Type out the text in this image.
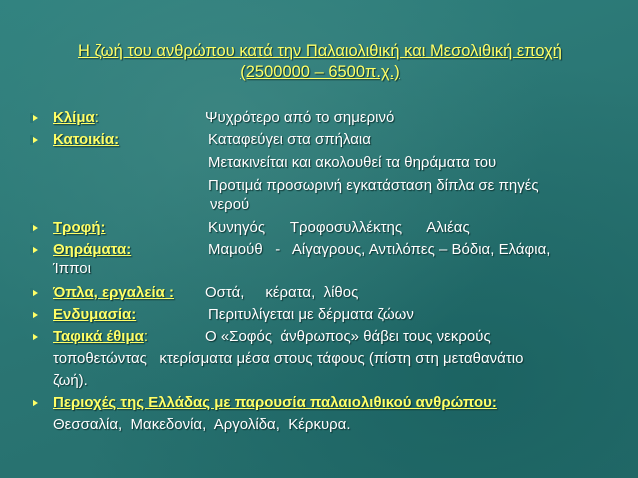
Η ζωή του ανθρώπου κατά την Παλαιολιθική και Μεσολιθική εποχή
(2500000 – 6500π.χ.)
Κλίμα:	Ψυχρότερο από το σημερινό
Κατοικία:	Καταφεύγει στα σπήλαια
Μετακινείται και ακολουθεί τα θηράματα του
Προτιμά προσωρινή εγκατάσταση δίπλα σε πηγές
νερού
Τροφή:	Κυνηγός      Τροφοσυλλέκτης      Αλιέας
Θηράματα:	Μαμούθ   -   Αίγαγρους, Αντιλόπες – Βόδια, Ελάφια,
Ίπποι
Όπλα, εργαλεία : Οστά,     κέρατα,  λίθος
Ενδυμασία:	Περιτυλίγεται με δέρματα ζώων
Ταφικά έθιμα:	Ο «Σοφός  άνθρωπος» θάβει τους νεκρούς
τοποθετώντας   κτερίσματα μέσα στους τάφους (πίστη στη μεταθανάτιο
ζωή).
Περιοχές της Ελλάδας με παρουσία παλαιολιθικού ανθρώπου:
Θεσσαλία,  Μακεδονία,  Αργολίδα,  Κέρκυρα.
